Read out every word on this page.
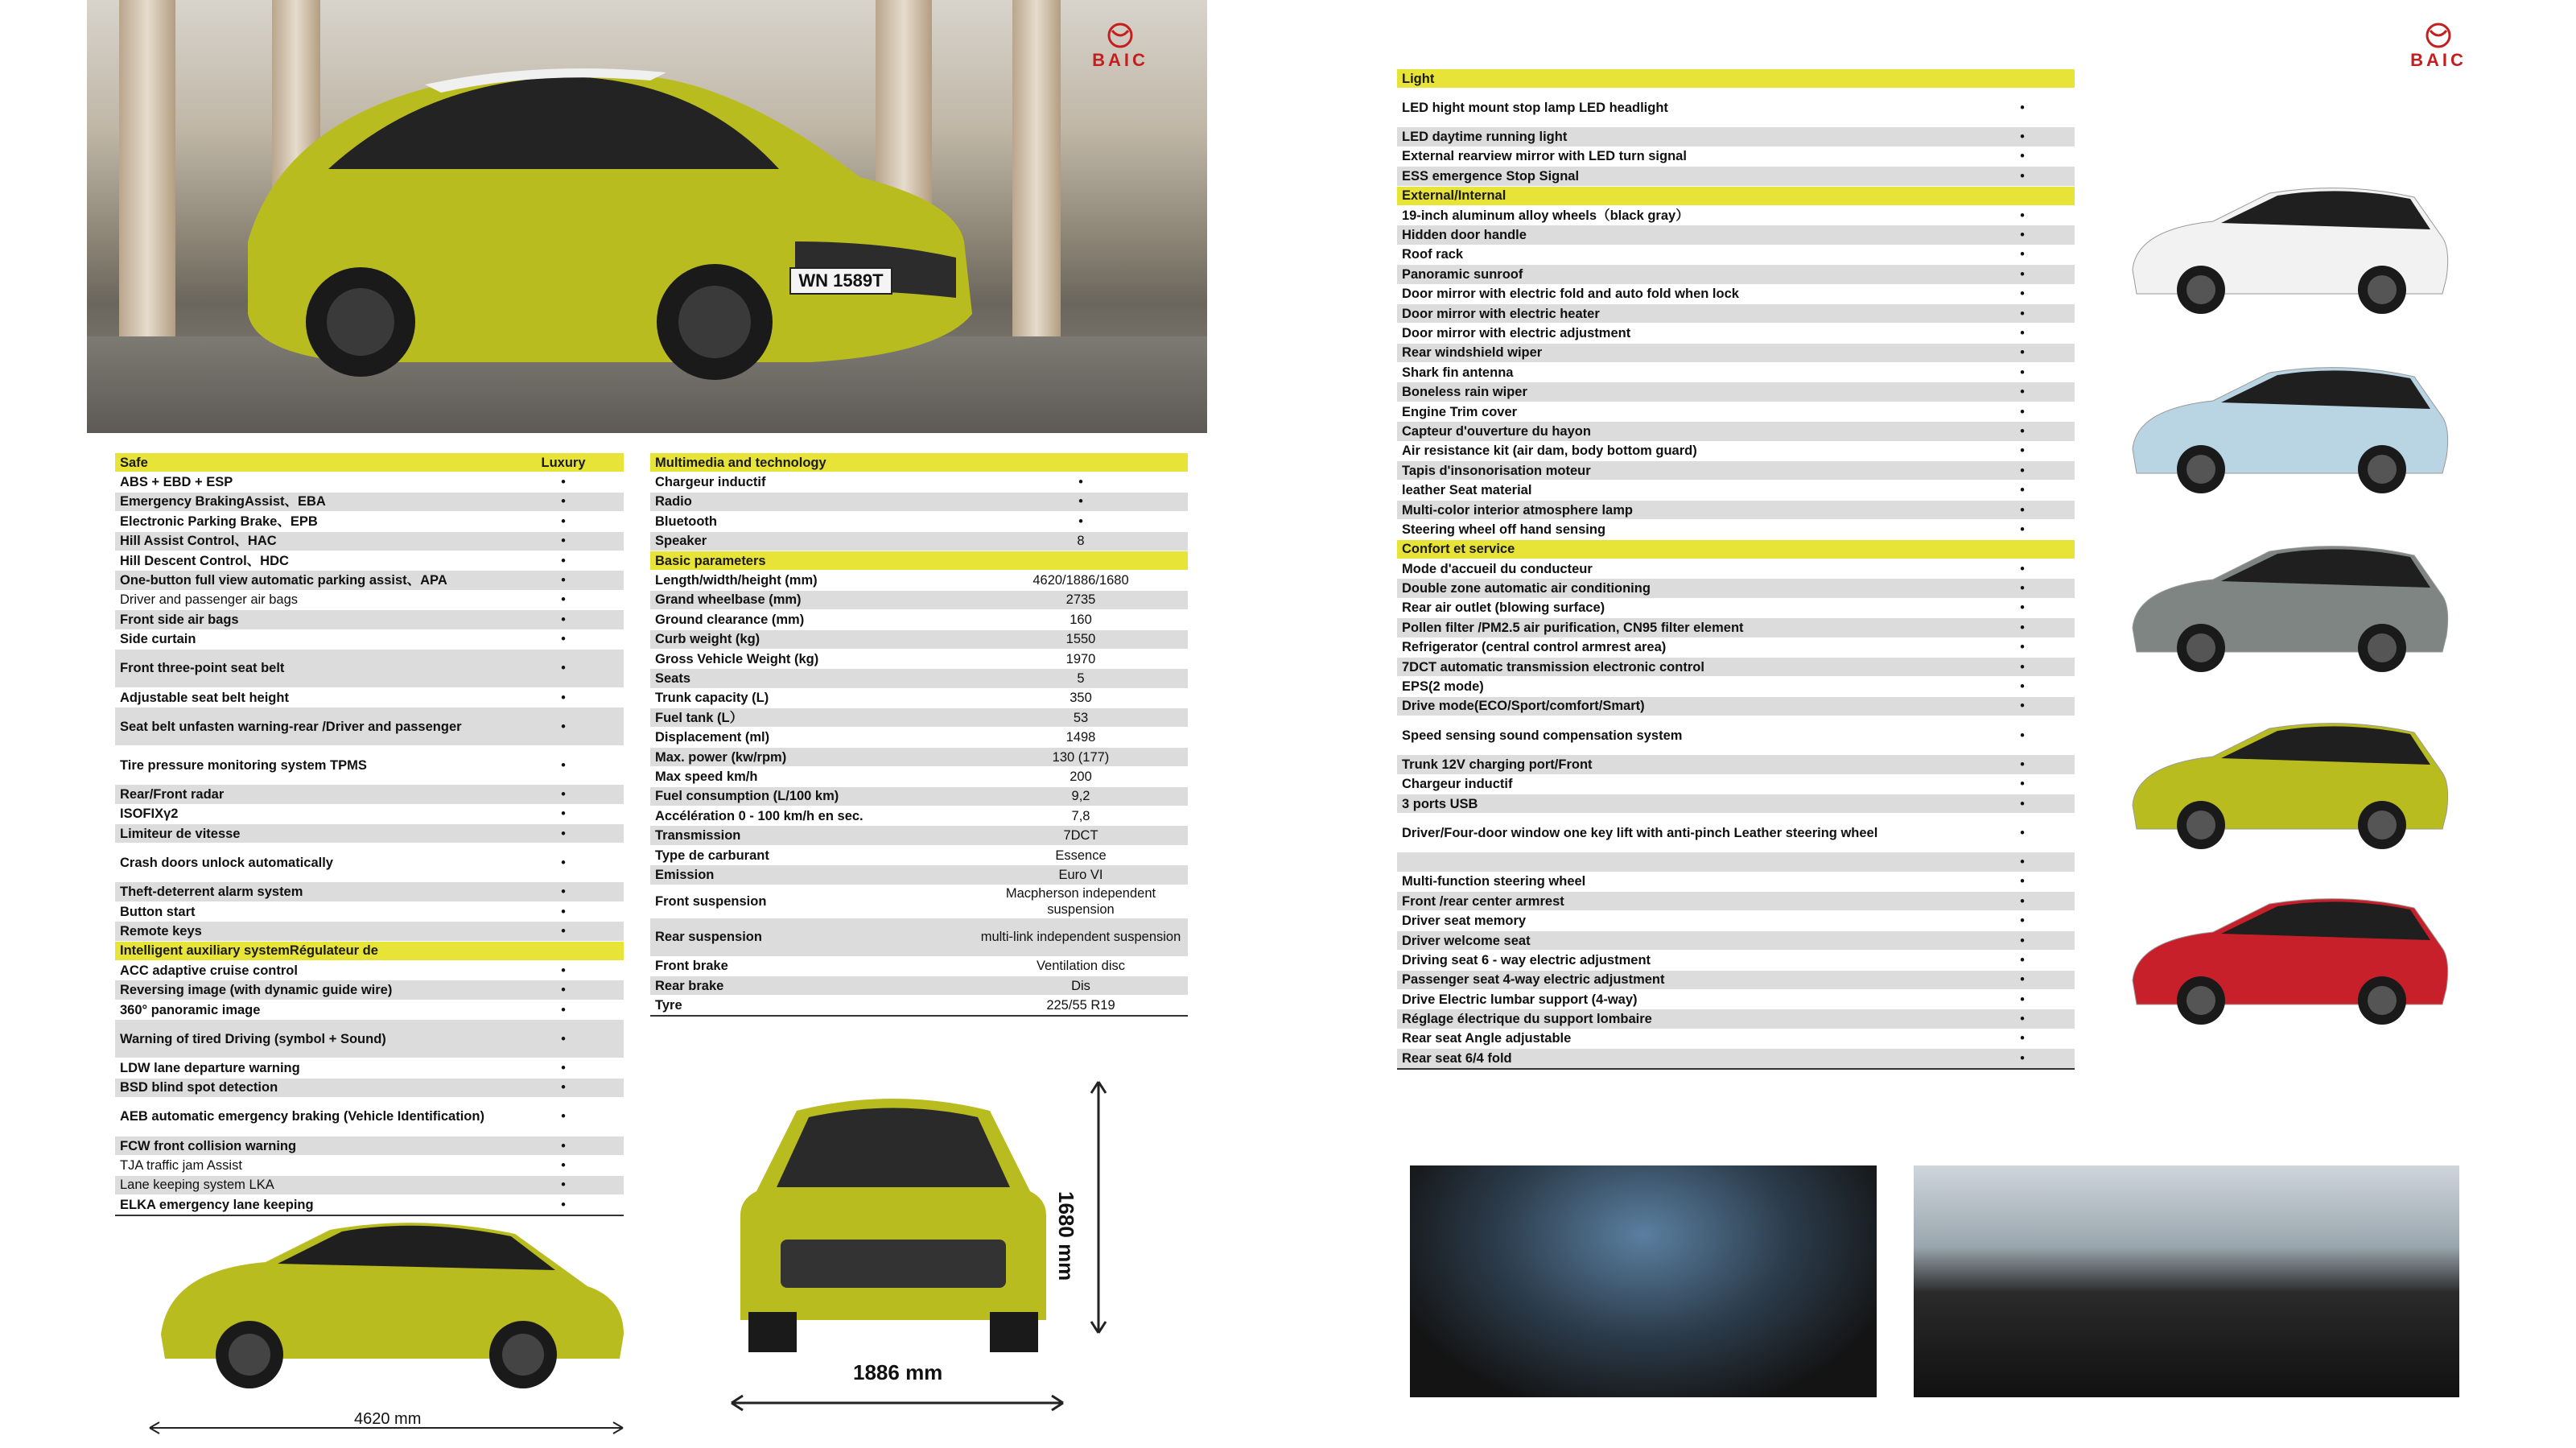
WN 1589T
BAIC	BAIC
Safe	Luxury
ABS + EBD + ESP	•
Emergency BrakingAssist、EBA	•
Electronic Parking Brake、EPB	•
Hill Assist Control、HAC	•
Hill Descent Control、HDC	•
One-button full view automatic parking assist、APA	•
Driver and passenger air bags	•
Front side air bags	•
Side curtain	•
Front three-point seat belt	•
Adjustable seat belt height	•
Seat belt unfasten warning-rear /Driver and passenger	•
Tire pressure monitoring system TPMS	•
Rear/Front radar	•
ISOFIXγ2	•
Limiteur de vitesse	•
Crash doors unlock automatically	•
Theft-deterrent alarm system	•
Button start	•
Remote keys	•
Intelligent auxiliary systemRégulateur de	
ACC adaptive cruise control	•
Reversing image (with dynamic guide wire)	•
360° panoramic image	•
Warning of tired Driving (symbol + Sound)	•
LDW lane departure warning	•
BSD blind spot detection	•
AEB automatic emergency braking (Vehicle Identification)	•
FCW front collision warning	•
TJA traffic jam Assist	•
Lane keeping system LKA	•
ELKA emergency lane keeping	•
Multimedia and technology	
Chargeur inductif	•
Radio	•
Bluetooth	•
Speaker	8
Basic parameters	
Length/width/height (mm)	4620/1886/1680
Grand wheelbase (mm)	2735
Ground clearance (mm)	160
Curb weight (kg)	1550
Gross Vehicle Weight (kg)	1970
Seats	5
Trunk capacity (L)	350
Fuel tank (L）	53
Displacement (ml)	1498
Max. power (kw/rpm)	130 (177)
Max speed km/h	200
Fuel consumption (L/100 km)	9,2
Accélération 0 - 100 km/h en sec.	7,8
Transmission	7DCT
Type de carburant	Essence
Emission	Euro VI
Front suspension	Macpherson independent suspension
Rear suspension	multi-link independent suspension
Front brake	Ventilation disc
Rear brake	Dis
Tyre	225/55 R19
Light	
LED hight mount stop lamp LED headlight	•
LED daytime running light	•
External rearview mirror with LED turn signal	•
ESS emergence Stop Signal	•
External/Internal	
19-inch aluminum alloy wheels（black gray）	•
Hidden door handle	•
Roof rack	•
Panoramic sunroof	•
Door mirror with electric fold and auto fold when lock	•
Door mirror with electric heater	•
Door mirror with electric adjustment	•
Rear windshield wiper	•
Shark fin antenna	•
Boneless rain wiper	•
Engine Trim cover	•
Capteur d'ouverture du hayon	•
Air resistance kit (air dam, body bottom guard)	•
Tapis d'insonorisation moteur	•
leather Seat material	•
Multi-color interior atmosphere lamp	•
Steering wheel off hand sensing	•
Confort et service	
Mode d'accueil du conducteur	•
Double zone automatic air conditioning	•
Rear air outlet (blowing surface)	•
Pollen filter /PM2.5 air purification, CN95 filter element	•
Refrigerator (central control armrest area)	•
7DCT automatic transmission electronic control	•
EPS(2 mode)	•
Drive mode(ECO/Sport/comfort/Smart)	•
Speed sensing sound compensation system	•
Trunk 12V charging port/Front	•
Chargeur inductif	•
3 ports USB	•
Driver/Four-door window one key lift with anti-pinch Leather steering wheel	•
	•
Multi-function steering wheel	•
Front /rear center armrest	•
Driver seat memory	•
Driver welcome seat	•
Driving seat 6 - way electric adjustment	•
Passenger seat 4-way electric adjustment	•
Drive Electric lumbar support (4-way)	•
Réglage électrique du support lombaire	•
Rear seat Angle adjustable	•
Rear seat 6/4 fold	•
4620 mm
1680 mm
1886 mm
